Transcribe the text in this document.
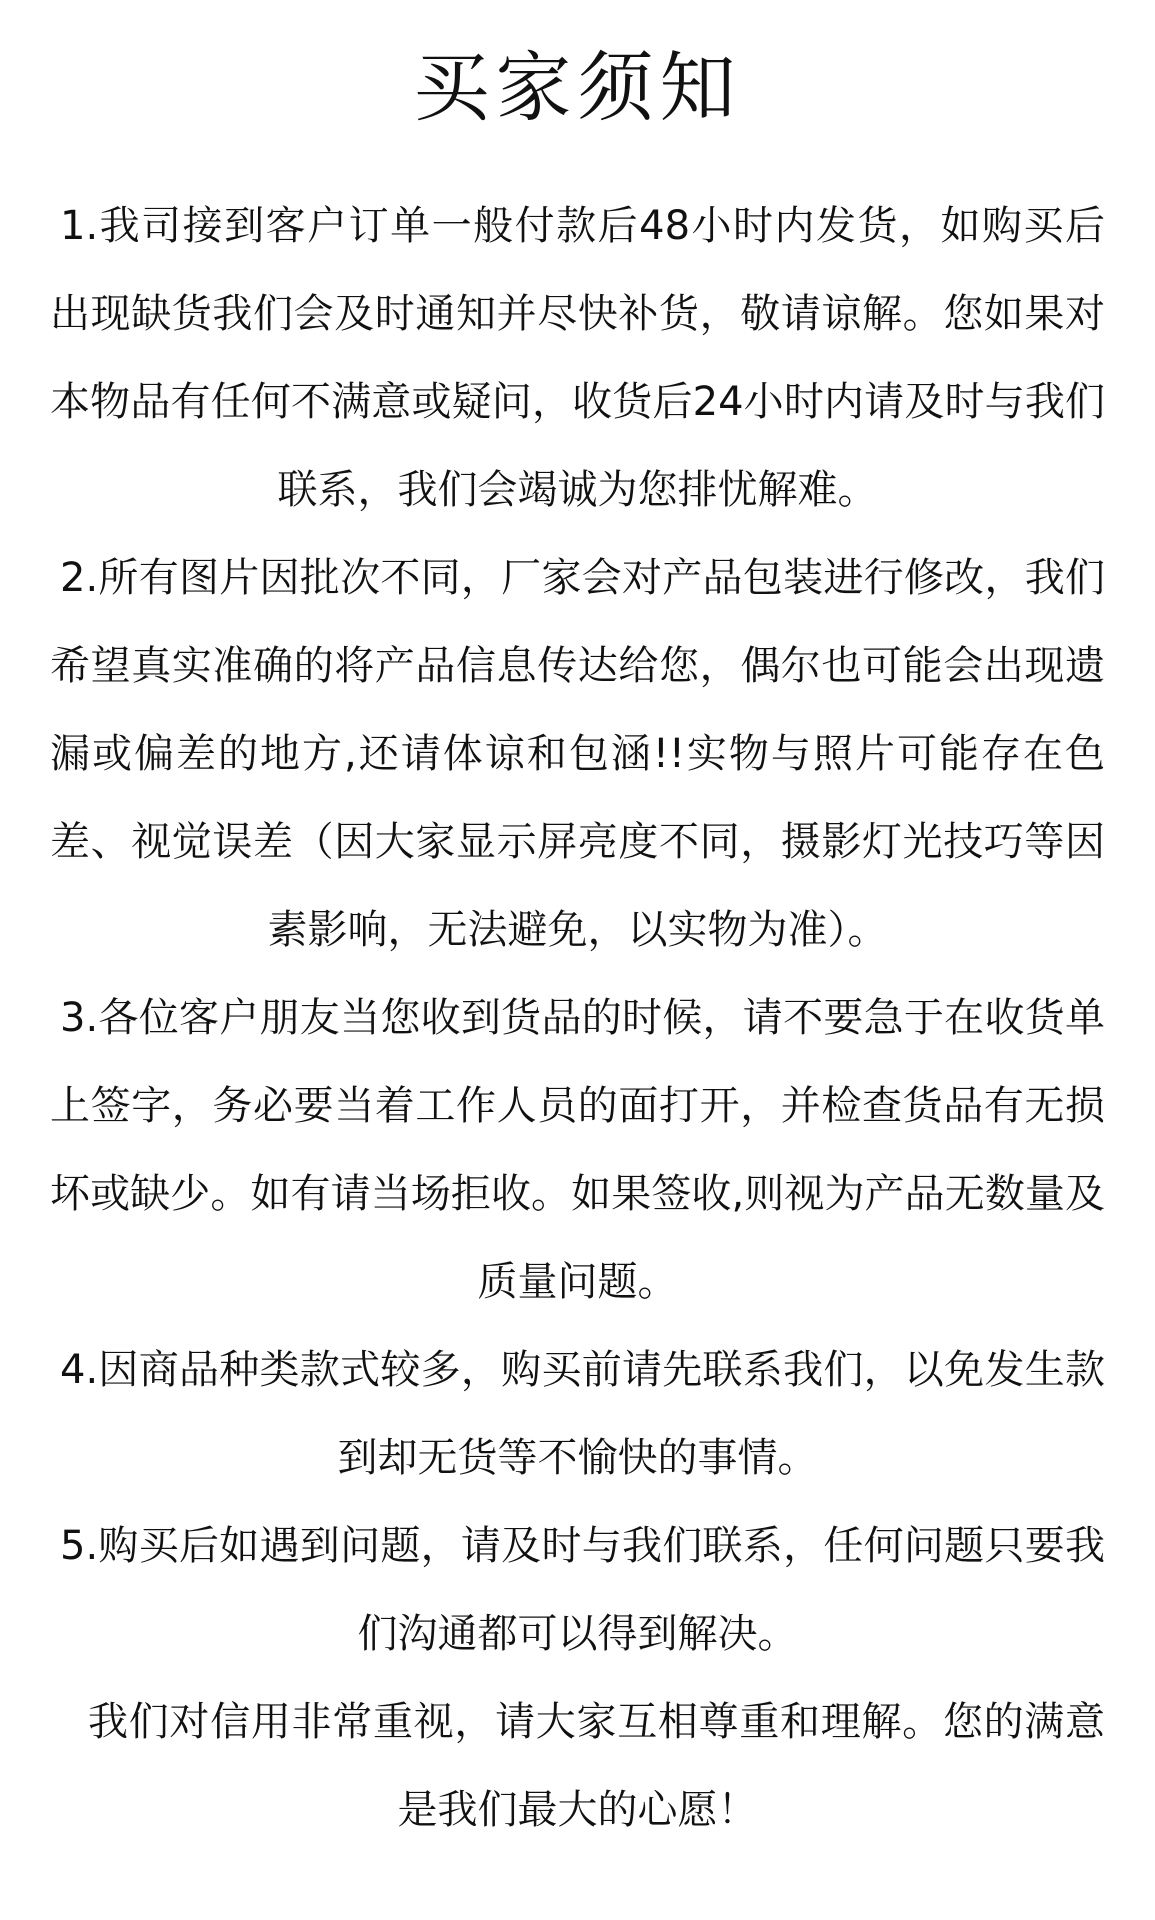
买家须知

1.我司接到客户订单一般付款后48小时内发货，如购买后出现缺货我们会及时通知并尽快补货，敬请谅解。您如果对本物品有任何不满意或疑问，收货后24小时内请及时与我们联系，我们会竭诚为您排忧解难。

2.所有图片因批次不同，厂家会对产品包装进行修改，我们希望真实准确的将产品信息传达给您，偶尔也可能会出现遗漏或偏差的地方,还请体谅和包涵!!实物与照片可能存在色差、视觉误差（因大家显示屏亮度不同，摄影灯光技巧等因素影响，无法避免，以实物为准）。

3.各位客户朋友当您收到货品的时候，请不要急于在收货单上签字，务必要当着工作人员的面打开，并检查货品有无损坏或缺少。如有请当场拒收。如果签收,则视为产品无数量及质量问题。

4.因商品种类款式较多，购买前请先联系我们，以免发生款到却无货等不愉快的事情。

5.购买后如遇到问题，请及时与我们联系，任何问题只要我们沟通都可以得到解决。

我们对信用非常重视，请大家互相尊重和理解。您的满意是我们最大的心愿！
